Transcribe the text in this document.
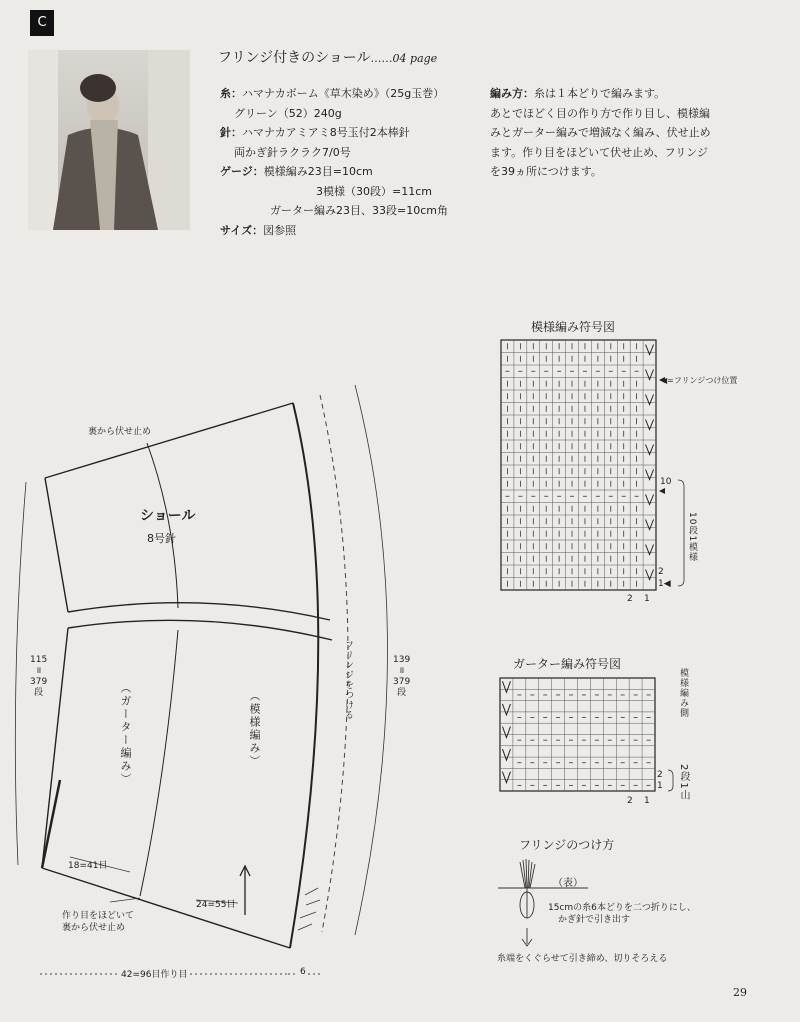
C
フリンジ付きのショール……04 page
糸：ハマナカボーム《草木染め》（25g玉巻）
グリーン（52）240g
針：ハマナカアミアミ8号玉付2本棒針
両かぎ針ラクラク7/0号
ゲージ：模様編み23目=10cm
3模様（30段）=11cm
ガーター編み23目、33段=10cm角
サイズ：図参照
編み方：糸は１本どりで編みます。
あとでほどく目の作り方で作り目し、模様編
みとガーター編みで増減なく編み、伏せ止め
ます。作り目をほどいて伏せ止め、フリンジ
を39ヵ所につけます。
裏から伏せ止め
ショール
8号針
（ガーター編み）	（模様編み）
フリンジをつける
115
॥
379
段
139
॥
379
段
18=41目
24=55目
作り目をほどいて
裏から伏せ止め
42=96目作り目	6
模様編み符号図
◀=フリンジつけ位置
10
2
1◀
2 1
10段1模様
ガーター編み符号図
模様編み側
2
1
2 1
2段1山
フリンジのつけ方
（表）
15cmの糸6本どりを二つ折りにし、
かぎ針で引き出す
糸端をくぐらせて引き締め、切りそろえる
29
